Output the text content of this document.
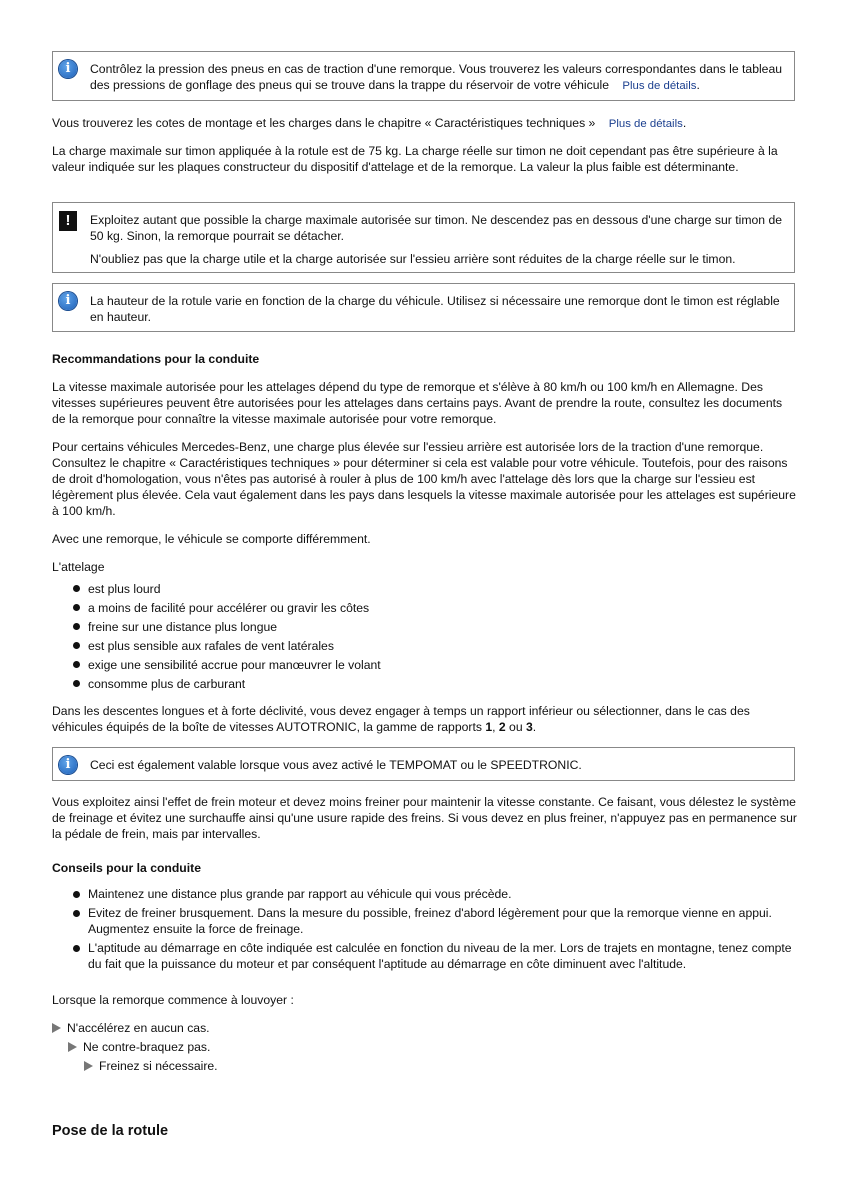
i	Contrôlez la pression des pneus en cas de traction d'une remorque. Vous trouverez les valeurs correspondantes dans le tableau des pressions de gonflage des pneus qui se trouve dans la trappe du réservoir de votre véhicule Plus de détails.

Vous trouverez les cotes de montage et les charges dans le chapitre « Caractéristiques techniques » Plus de détails.

La charge maximale sur timon appliquée à la rotule est de 75 kg. La charge réelle sur timon ne doit cependant pas être supérieure à la valeur indiquée sur les plaques constructeur du dispositif d'attelage et de la remorque. La valeur la plus faible est déterminante.

!	Exploitez autant que possible la charge maximale autorisée sur timon. Ne descendez pas en dessous d'une charge sur timon de 50 kg. Sinon, la remorque pourrait se détacher.

N'oubliez pas que la charge utile et la charge autorisée sur l'essieu arrière sont réduites de la charge réelle sur le timon.

i	La hauteur de la rotule varie en fonction de la charge du véhicule. Utilisez si nécessaire une remorque dont le timon est réglable en hauteur.

Recommandations pour la conduite

La vitesse maximale autorisée pour les attelages dépend du type de remorque et s'élève à 80 km/h ou 100 km/h en Allemagne. Des vitesses supérieures peuvent être autorisées pour les attelages dans certains pays. Avant de prendre la route, consultez les documents de la remorque pour connaître la vitesse maximale autorisée pour votre remorque.

Pour certains véhicules Mercedes-Benz, une charge plus élevée sur l'essieu arrière est autorisée lors de la traction d'une remorque. Consultez le chapitre « Caractéristiques techniques » pour déterminer si cela est valable pour votre véhicule. Toutefois, pour des raisons de droit d'homologation, vous n'êtes pas autorisé à rouler à plus de 100 km/h avec l'attelage dès lors que la charge sur l'essieu est légèrement plus élevée. Cela vaut également dans les pays dans lesquels la vitesse maximale autorisée pour les attelages est supérieure à 100 km/h.

Avec une remorque, le véhicule se comporte différemment.

L'attelage

est plus lourd
a moins de facilité pour accélérer ou gravir les côtes
freine sur une distance plus longue
est plus sensible aux rafales de vent latérales
exige une sensibilité accrue pour manœuvrer le volant
consomme plus de carburant

Dans les descentes longues et à forte déclivité, vous devez engager à temps un rapport inférieur ou sélectionner, dans le cas des véhicules équipés de la boîte de vitesses AUTOTRONIC, la gamme de rapports 1, 2 ou 3.

i	Ceci est également valable lorsque vous avez activé le TEMPOMAT ou le SPEEDTRONIC.

Vous exploitez ainsi l'effet de frein moteur et devez moins freiner pour maintenir la vitesse constante. Ce faisant, vous délestez le système de freinage et évitez une surchauffe ainsi qu'une usure rapide des freins. Si vous devez en plus freiner, n'appuyez pas en permanence sur la pédale de frein, mais par intervalles.

Conseils pour la conduite
Maintenez une distance plus grande par rapport au véhicule qui vous précède.
Evitez de freiner brusquement. Dans la mesure du possible, freinez d'abord légèrement pour que la remorque vienne en appui. Augmentez ensuite la force de freinage.
L'aptitude au démarrage en côte indiquée est calculée en fonction du niveau de la mer. Lors de trajets en montagne, tenez compte du fait que la puissance du moteur et par conséquent l'aptitude au démarrage en côte diminuent avec l'altitude.

Lorsque la remorque commence à louvoyer :

N'accélérez en aucun cas.

Ne contre-braquez pas.

Freinez si nécessaire.

Pose de la rotule
